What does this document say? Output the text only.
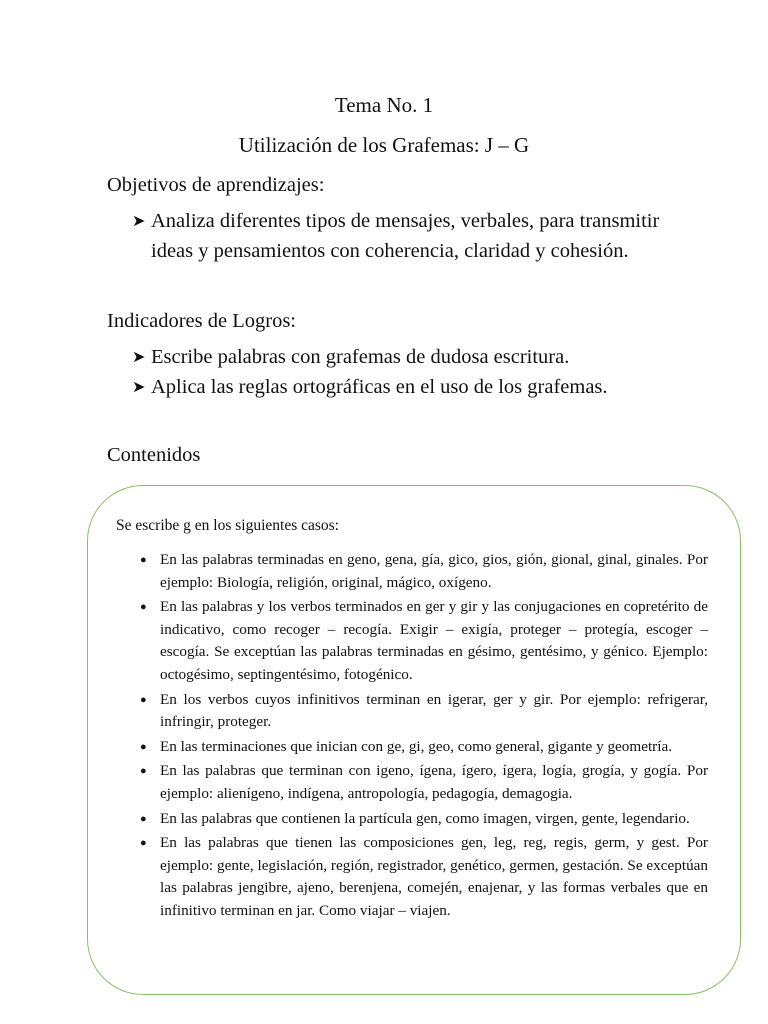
Tema No. 1
Utilización de los Grafemas: J – G
Objetivos de aprendizajes:
➤ Analiza diferentes tipos de mensajes, verbales, para transmitir ideas y pensamientos con coherencia, claridad y cohesión.
Indicadores de Logros:
➤ Escribe palabras con grafemas de dudosa escritura.
➤ Aplica las reglas ortográficas en el uso de los grafemas.
Contenidos
Se escribe g en los siguientes casos:
● En las palabras terminadas en geno, gena, gía, gico, gios, gión, gional, ginal, ginales. Por ejemplo: Biología, religión, original, mágico, oxígeno.
● En las palabras y los verbos terminados en ger y gir y las conjugaciones en copretérito de indicativo, como recoger – recogía. Exigir – exigía, proteger – protegía, escoger – escogía. Se exceptúan las palabras terminadas en gésimo, gentésimo, y génico. Ejemplo: octogésimo, septingentésimo, fotogénico.
● En los verbos cuyos infinitivos terminan en igerar, ger y gir. Por ejemplo: refrigerar, infringir, proteger.
● En las terminaciones que inician con ge, gi, geo, como general, gigante y geometría.
● En las palabras que terminan con igeno, ígena, ígero, ígera, logía, grogía, y gogía. Por ejemplo: alienígeno, indígena, antropología, pedagogía, demagogia.
● En las palabras que contienen la partícula gen, como imagen, virgen, gente, legendario.
● En las palabras que tienen las composiciones gen, leg, reg, regis, germ, y gest. Por ejemplo: gente, legislación, región, registrador, genético, germen, gestación. Se exceptúan las palabras jengibre, ajeno, berenjena, comején, enajenar, y las formas verbales que en infinitivo terminan en jar. Como viajar – viajen.
